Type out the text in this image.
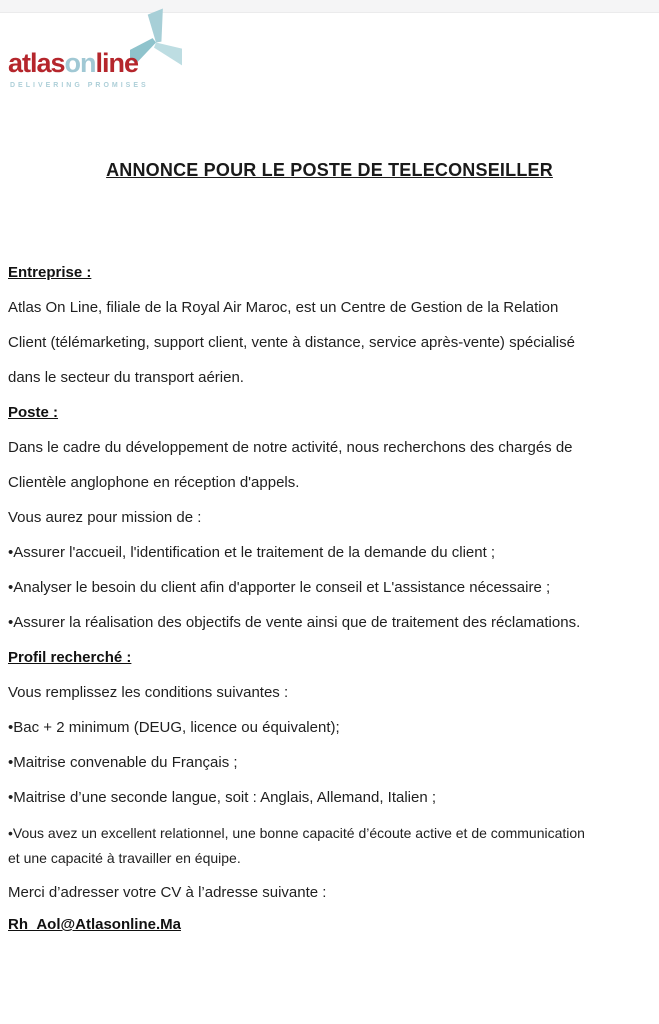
atlasonline
DELIVERING PROMISES
ANNONCE POUR LE POSTE DE TELECONSEILLER
Entreprise :
Atlas On Line, filiale de la Royal Air Maroc, est un Centre de Gestion de la Relation
Client (télémarketing, support client, vente à distance, service après-vente) spécialisé
dans le secteur du transport aérien.
Poste :
Dans le cadre du développement de notre activité, nous recherchons des chargés de
Clientèle anglophone en réception d'appels.
Vous aurez pour mission de :
• Assurer l'accueil, l'identification et le traitement de la demande du client ;
• Analyser le besoin du client afin d'apporter le conseil et L'assistance nécessaire ;
• Assurer la réalisation des objectifs de vente ainsi que de traitement des réclamations.
Profil recherché :
Vous remplissez les conditions suivantes :
• Bac + 2 minimum (DEUG, licence ou équivalent);
• Maitrise convenable du Français ;
• Maitrise d’une seconde langue, soit : Anglais, Allemand, Italien ;
• Vous avez un excellent relationnel, une bonne capacité d’écoute active et de communication
et une capacité à travailler en équipe.
Merci d’adresser votre CV à l’adresse suivante :
Rh_Aol@Atlasonline.Ma
